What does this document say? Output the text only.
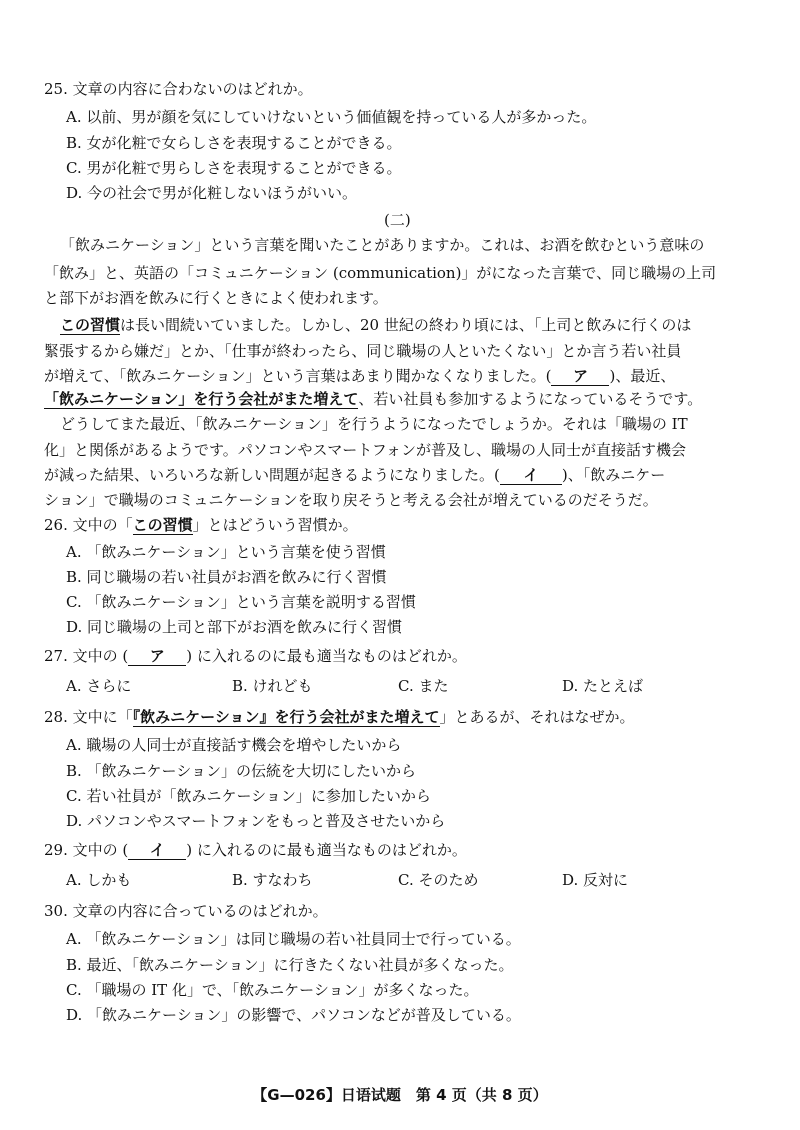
25. 文章の内容に合わないのはどれか。
A. 以前、男が顔を気にしていけないという価値観を持っている人が多かった。
B. 女が化粧で女らしさを表現することができる。
C. 男が化粧で男らしさを表現することができる。
D. 今の社会で男が化粧しないほうがいい。
(二)
「飲みニケーション」という言葉を聞いたことがありますか。これは、お酒を飲むという意味の
「飲み」と、英語の「コミュニケーション (communication)」がになった言葉で、同じ職場の上司
と部下がお酒を飲みに行くときによく使われます。
この習慣は長い間続いていました。しかし、20 世紀の終わり頃には、「上司と飲みに行くのは
緊張するから嫌だ」とか、「仕事が終わったら、同じ職場の人といたくない」とか言う若い社員
が増えて、「飲みニケーション」という言葉はあまり聞かなくなりました。( ア )、最近、
「飲みニケーション」を行う会社がまた増えて、若い社員も参加するようになっているそうです。
どうしてまた最近、「飲みニケーション」を行うようになったでしょうか。それは「職場の IT
化」と関係があるようです。パソコンやスマートフォンが普及し、職場の人同士が直接話す機会
が減った結果、いろいろな新しい問題が起きるようになりました。( イ )、「飲みニケー
ション」で職場のコミュニケーションを取り戻そうと考える会社が増えているのだそうだ。
26. 文中の「この習慣」とはどういう習慣か。
A. 「飲みニケーション」という言葉を使う習慣
B. 同じ職場の若い社員がお酒を飲みに行く習慣
C. 「飲みニケーション」という言葉を説明する習慣
D. 同じ職場の上司と部下がお酒を飲みに行く習慣
27. 文中の ( ア ) に入れるのに最も適当なものはどれか。
A. さらに	B. けれども	C. また	D. たとえば
28. 文中に「『飲みニケーション』を行う会社がまた増えて」とあるが、それはなぜか。
A. 職場の人同士が直接話す機会を増やしたいから
B. 「飲みニケーション」の伝統を大切にしたいから
C. 若い社員が「飲みニケーション」に参加したいから
D. パソコンやスマートフォンをもっと普及させたいから
29. 文中の ( イ ) に入れるのに最も適当なものはどれか。
A. しかも	B. すなわち	C. そのため	D. 反対に
30. 文章の内容に合っているのはどれか。
A. 「飲みニケーション」は同じ職場の若い社員同士で行っている。
B. 最近、「飲みニケーション」に行きたくない社員が多くなった。
C. 「職場の IT 化」で、「飲みニケーション」が多くなった。
D. 「飲みニケーション」の影響で、パソコンなどが普及している。
【G—026】日语试题　第 4 页（共 8 页）
